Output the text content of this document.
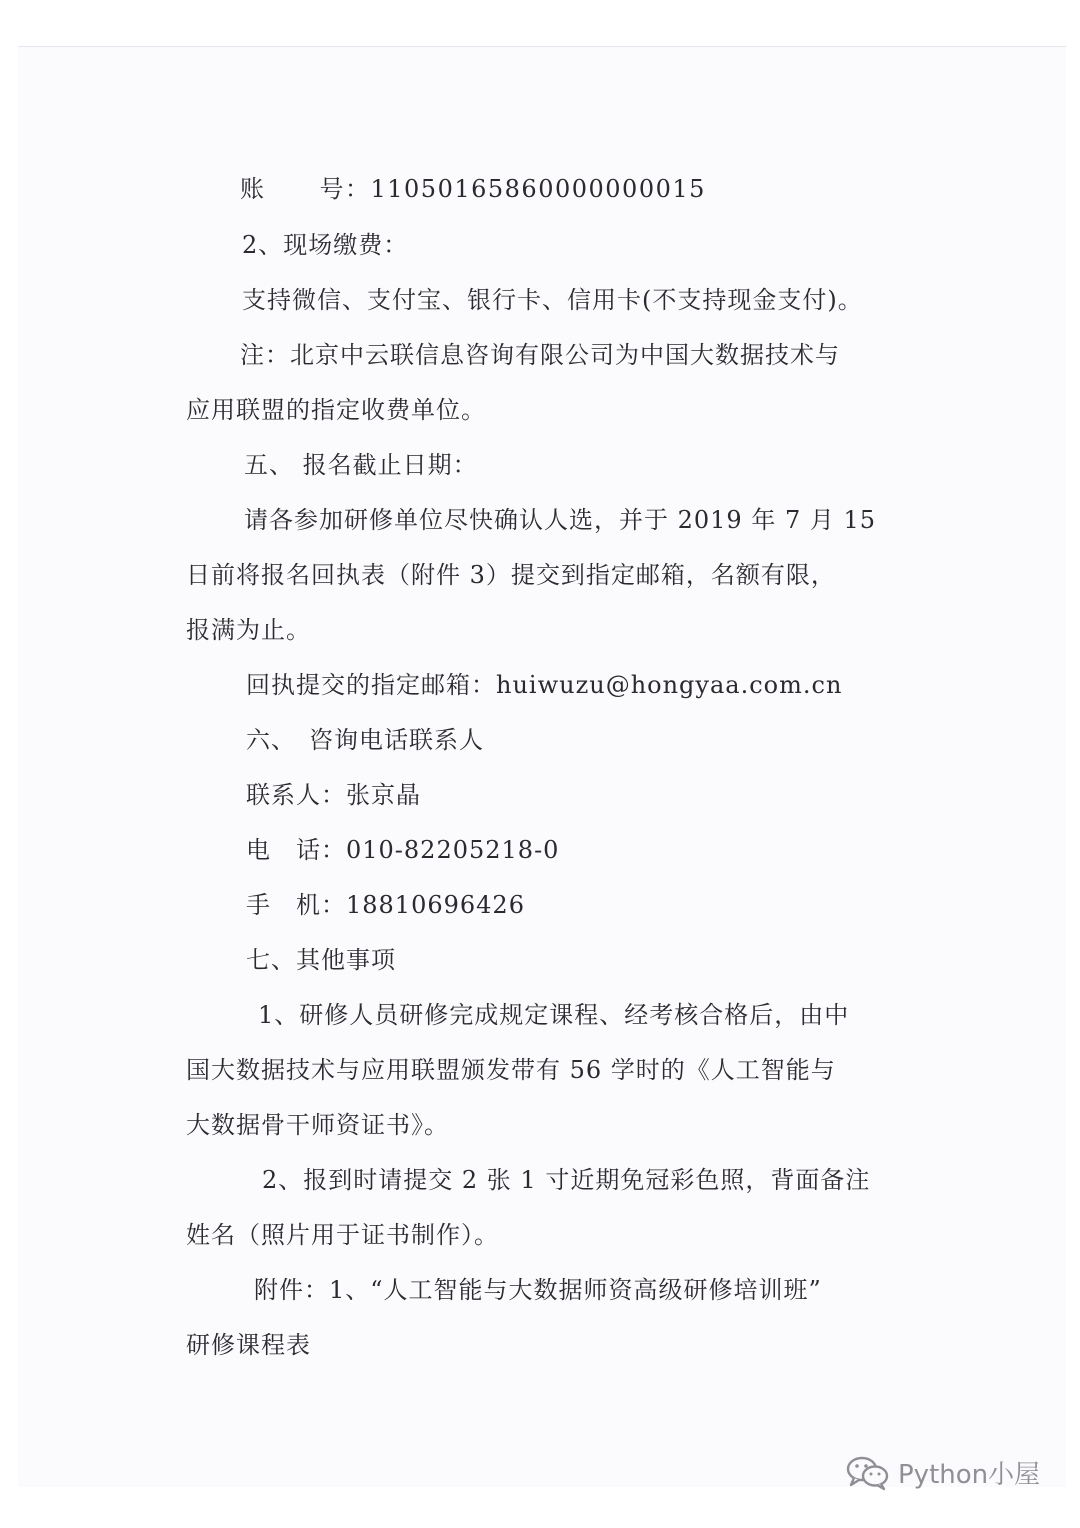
账 号：11050165860000000015

2、现场缴费：

支持微信、支付宝、银行卡、信用卡(不支持现金支付)。

注：北京中云联信息咨询有限公司为中国大数据技术与

应用联盟的指定收费单位。

五、 报名截止日期：

请各参加研修单位尽快确认人选，并于 2019 年 7 月 15

日前将报名回执表（附件 3）提交到指定邮箱，名额有限，

报满为止。

回执提交的指定邮箱：huiwuzu@hongyaa.com.cn

六、　咨询电话联系人

联系人：张京晶

电　话：010-82205218-0

手　机：18810696426

七、其他事项

1、研修人员研修完成规定课程、经考核合格后，由中

国大数据技术与应用联盟颁发带有 56 学时的《人工智能与

大数据骨干师资证书》。

2、报到时请提交 2 张 1 寸近期免冠彩色照，背面备注

姓名（照片用于证书制作）。

附件：1、“人工智能与大数据师资高级研修培训班”

研修课程表

Python小屋
